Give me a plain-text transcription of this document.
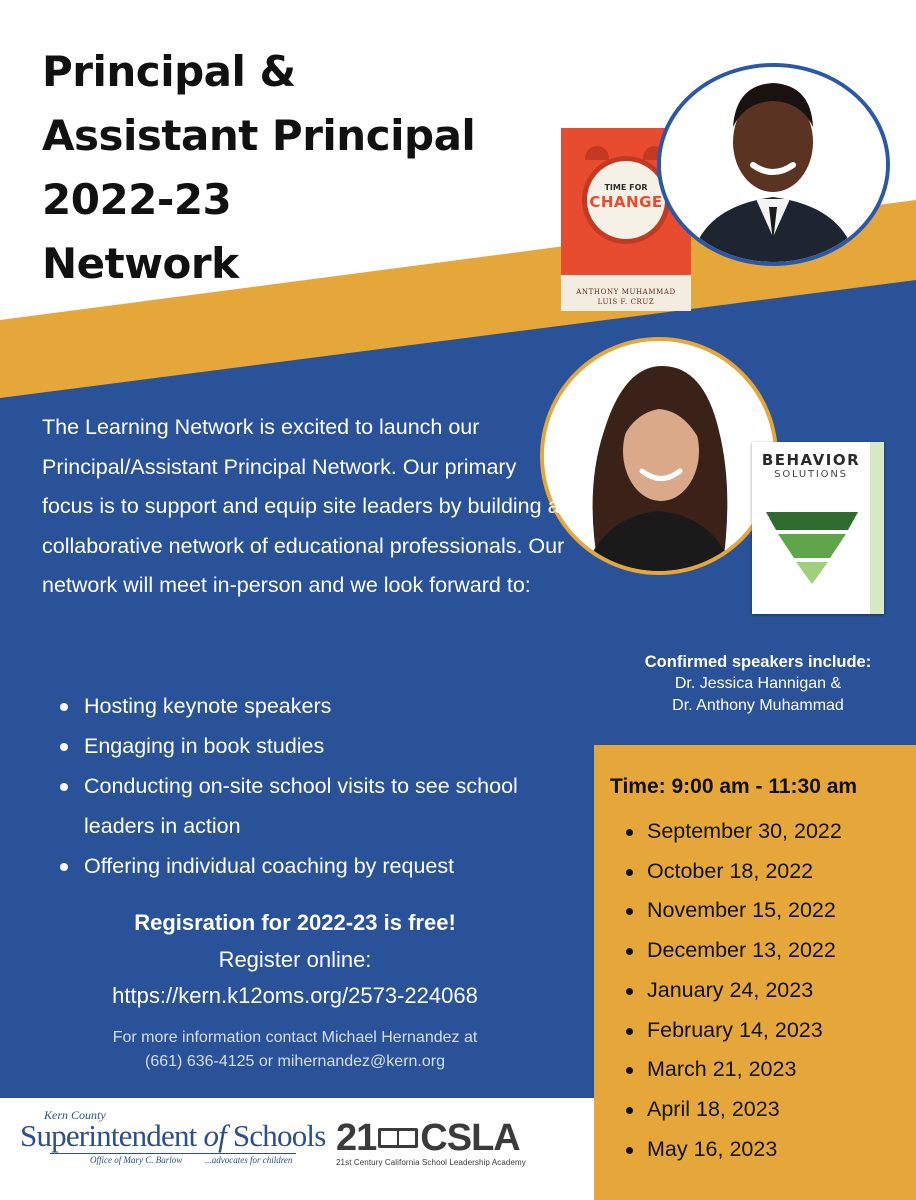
Principal &
Assistant Principal
2022-23
Network
TIME FOR
CHANGE
ANTHONY MUHAMMAD
LUIS F. CRUZ
BEHAVIOR
SOLUTIONS
The Learning Network is excited to launch our Principal/Assistant Principal Network. Our primary focus is to support and equip site leaders by building a collaborative network of educational professionals. Our network will meet in-person and we look forward to:
Hosting keynote speakers
Engaging in book studies
Conducting on-site school visits to see school leaders in action
Offering individual coaching by request
Regisration for 2022-23 is free!
Register online:
https://kern.k12oms.org/2573-224068
For more information contact Michael Hernandez at
(661) 636-4125 or mihernandez@kern.org
Confirmed speakers include:
Dr. Jessica Hannigan &
Dr. Anthony Muhammad
Time: 9:00 am - 11:30 am
September 30, 2022
October 18, 2022
November 15, 2022
December 13, 2022
January 24, 2023
February 14, 2023
March 21, 2023
April 18, 2023
May 16, 2023
Kern County
Superintendent of Schools
Office of Mary C. Barlow	...advocates for children
21 CSLA
21st Century California School Leadership Academy
